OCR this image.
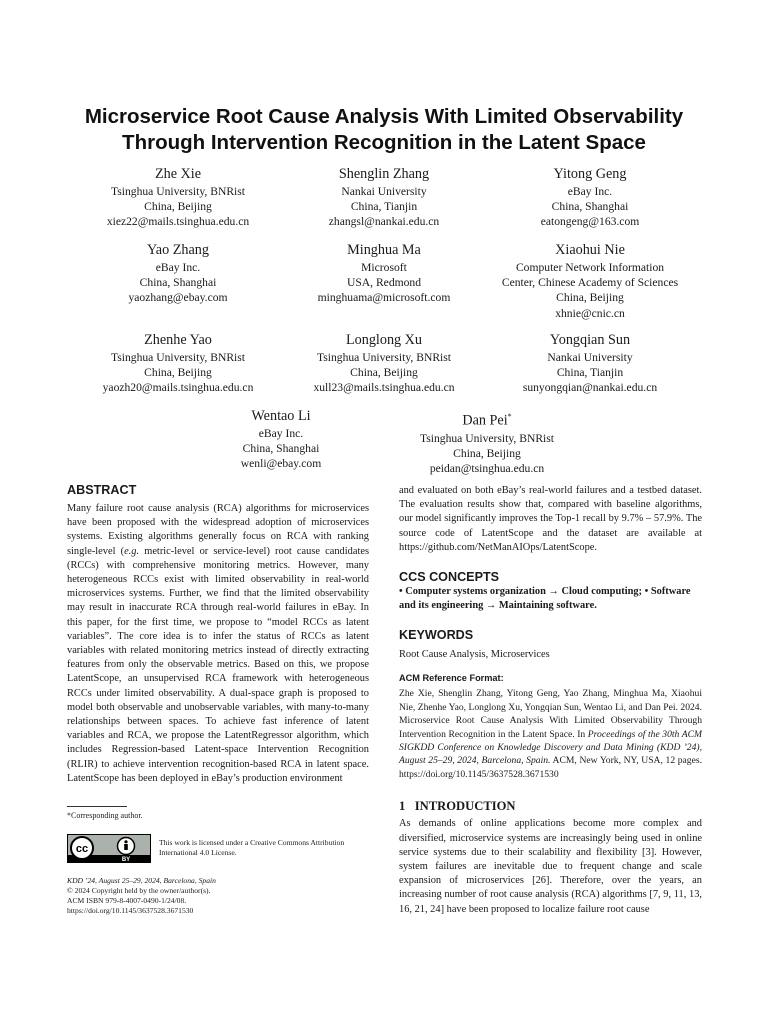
Microservice Root Cause Analysis With Limited Observability
Through Intervention Recognition in the Latent Space
Zhe Xie
Tsinghua University, BNRist
China, Beijing
xiez22@mails.tsinghua.edu.cn
Shenglin Zhang
Nankai University
China, Tianjin
zhangsl@nankai.edu.cn
Yitong Geng
eBay Inc.
China, Shanghai
eatongeng@163.com
Yao Zhang
eBay Inc.
China, Shanghai
yaozhang@ebay.com
Minghua Ma
Microsoft
USA, Redmond
minghuama@microsoft.com
Xiaohui Nie
Computer Network Information
Center, Chinese Academy of Sciences
China, Beijing
xhnie@cnic.cn
Zhenhe Yao
Tsinghua University, BNRist
China, Beijing
yaozh20@mails.tsinghua.edu.cn
Longlong Xu
Tsinghua University, BNRist
China, Beijing
xull23@mails.tsinghua.edu.cn
Yongqian Sun
Nankai University
China, Tianjin
sunyongqian@nankai.edu.cn
Wentao Li
eBay Inc.
China, Shanghai
wenli@ebay.com
Dan Pei*
Tsinghua University, BNRist
China, Beijing
peidan@tsinghua.edu.cn
ABSTRACT

Many failure root cause analysis (RCA) algorithms for microservices have been proposed with the widespread adoption of microservices systems. Existing algorithms generally focus on RCA with ranking single-level (e.g. metric-level or service-level) root cause candidates (RCCs) with comprehensive monitoring metrics. However, many heterogeneous RCCs exist with limited observability in real-world microservices systems. Further, we find that the limited observability may result in inaccurate RCA through real-world failures in eBay. In this paper, for the first time, we propose to “model RCCs as latent variables”. The core idea is to infer the status of RCCs as latent variables with related monitoring metrics instead of directly extracting features from only the observable metrics. Based on this, we propose LatentScope, an unsupervised RCA framework with heterogeneous RCCs under limited observability. A dual-space graph is proposed to model both observable and unobservable variables, with many-to-many relationships between spaces. To achieve fast inference of latent variables and RCA, we propose the LatentRegressor algorithm, which includes Regression-based Latent-space Intervention Recognition (RLIR) to achieve intervention recognition-based RCA in latent space. LatentScope has been deployed in eBay’s production environment

*Corresponding author.
cc
BY
This work is licensed under a Creative Commons Attribution International 4.0 License.
KDD ’24, August 25–29, 2024, Barcelona, Spain
© 2024 Copyright held by the owner/author(s).
ACM ISBN 979-8-4007-0490-1/24/08.
https://doi.org/10.1145/3637528.3671530

and evaluated on both eBay’s real-world failures and a testbed dataset. The evaluation results show that, compared with baseline algorithms, our model significantly improves the Top-1 recall by 9.7% – 57.9%. The source code of LatentScope and the dataset are available at https://github.com/NetManAIOps/LatentScope.

CCS CONCEPTS

• Computer systems organization → Cloud computing; • Software and its engineering → Maintaining software.

KEYWORDS

Root Cause Analysis, Microservices

ACM Reference Format:

Zhe Xie, Shenglin Zhang, Yitong Geng, Yao Zhang, Minghua Ma, Xiaohui Nie, Zhenhe Yao, Longlong Xu, Yongqian Sun, Wentao Li, and Dan Pei. 2024. Microservice Root Cause Analysis With Limited Observability Through Intervention Recognition in the Latent Space. In Proceedings of the 30th ACM SIGKDD Conference on Knowledge Discovery and Data Mining (KDD ’24), August 25–29, 2024, Barcelona, Spain. ACM, New York, NY, USA, 12 pages. https://doi.org/10.1145/3637528.3671530

1 INTRODUCTION

As demands of online applications become more complex and diversified, microservice systems are increasingly being used in online service systems due to their scalability and flexibility [3]. However, system failures are inevitable due to frequent change and scale expansion of microservices [26]. Therefore, over the years, an increasing number of root cause analysis (RCA) algorithms [7, 9, 11, 13, 16, 21, 24] have been proposed to localize failure root cause
